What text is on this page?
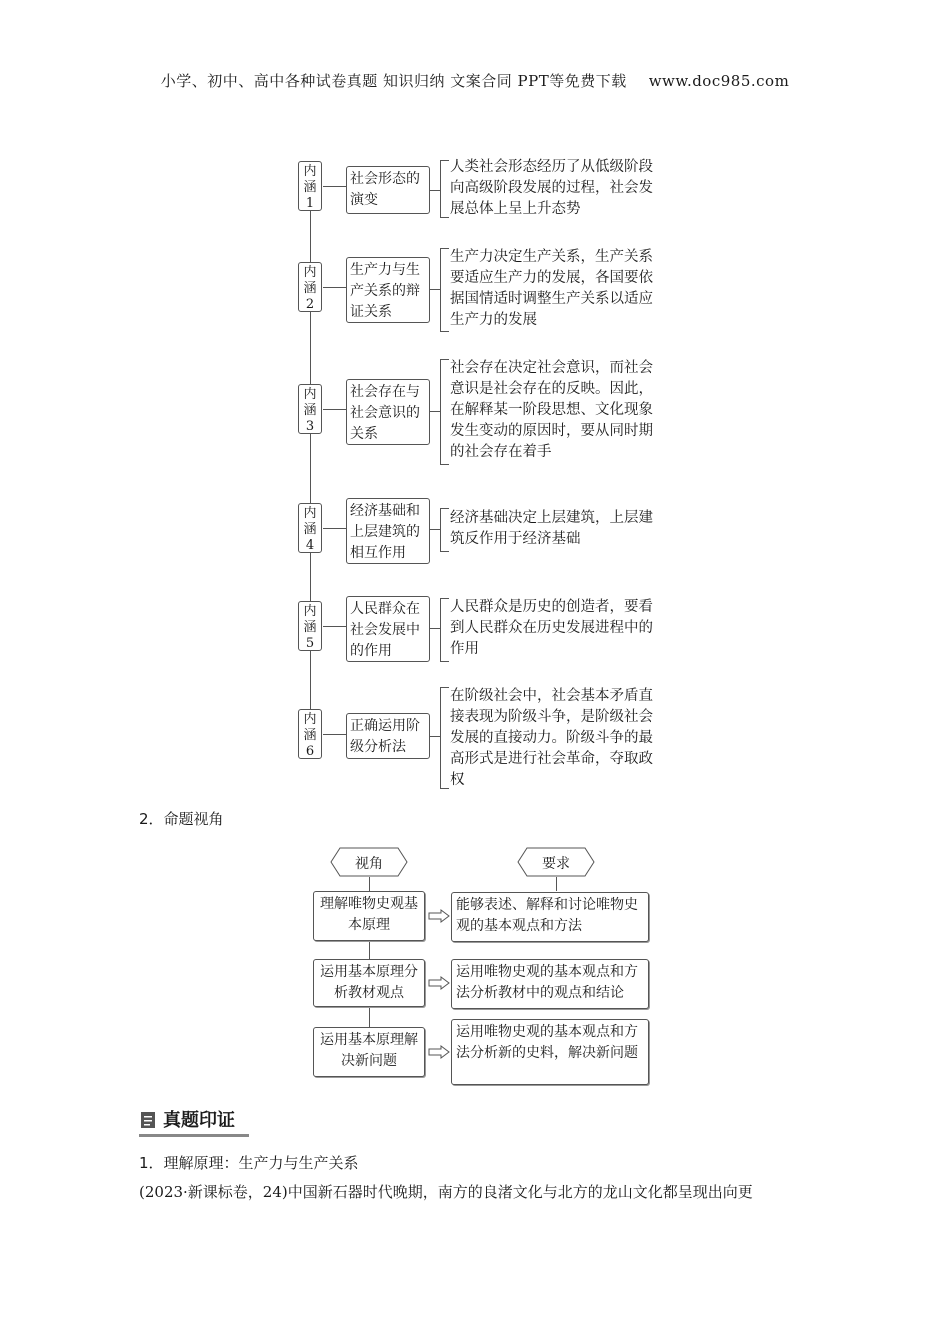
小学、初中、高中各种试卷真题 知识归纳 文案合同 PPT等免费下载 www.doc985.com
内
涵
1
社会形态的演变
人类社会形态经历了从低级阶段向高级阶段发展的过程，社会发展总体上呈上升态势
内
涵
2
生产力与生产关系的辩证关系
生产力决定生产关系，生产关系要适应生产力的发展，各国要依据国情适时调整生产关系以适应生产力的发展
内
涵
3
社会存在与社会意识的关系
社会存在决定社会意识，而社会意识是社会存在的反映。因此，在解释某一阶段思想、文化现象发生变动的原因时，要从同时期的社会存在着手
内
涵
4
经济基础和上层建筑的相互作用
经济基础决定上层建筑，上层建筑反作用于经济基础
内
涵
5
人民群众在社会发展中的作用
人民群众是历史的创造者，要看到人民群众在历史发展进程中的作用
内
涵
6
正确运用阶级分析法
在阶级社会中，社会基本矛盾直接表现为阶级斗争，是阶级社会发展的直接动力。阶级斗争的最高形式是进行社会革命，夺取政权
2．命题视角
视角	要求
理解唯物史观基本原理
能够表述、解释和讨论唯物史观的基本观点和方法
运用基本原理分析教材观点
运用唯物史观的基本观点和方法分析教材中的观点和结论
运用基本原理解决新问题
运用唯物史观的基本观点和方法分析新的史料，解决新问题
真题印证
1．理解原理：生产力与生产关系
(2023·新课标卷，24)中国新石器时代晚期，南方的良渚文化与北方的龙山文化都呈现出向更
